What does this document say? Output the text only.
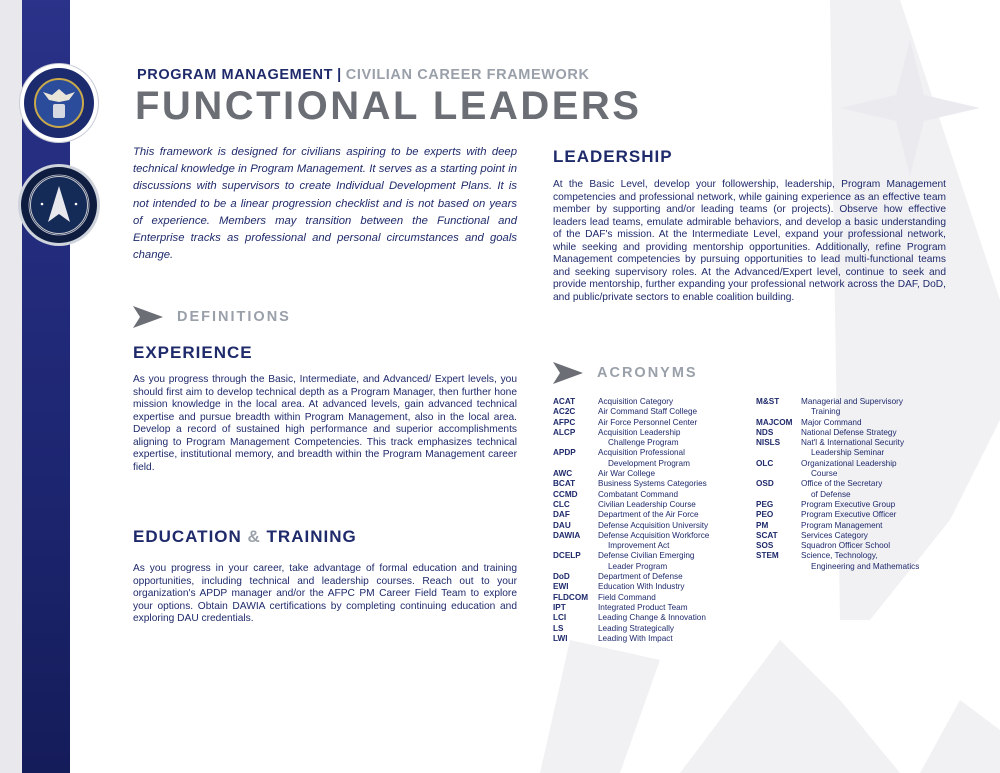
PROGRAM MANAGEMENT | CIVILIAN CAREER FRAMEWORK
FUNCTIONAL LEADERS
This framework is designed for civilians aspiring to be experts with deep technical knowledge in Program Management. It serves as a starting point in discussions with supervisors to create Individual Development Plans. It is not intended to be a linear progression checklist and is not based on years of experience. Members may transition between the Functional and Enterprise tracks as professional and personal circumstances and goals change.
DEFINITIONS
EXPERIENCE
As you progress through the Basic, Intermediate, and Advanced/ Expert levels, you should first aim to develop technical depth as a Program Manager, then further hone mission knowledge in the local area. At advanced levels, gain advanced technical expertise and pursue breadth within Program Management, also in the local area. Develop a record of sustained high performance and superior accomplishments aligning to Program Management Competencies. This track emphasizes technical expertise, institutional memory, and breadth within the Program Management career field.
EDUCATION & TRAINING
As you progress in your career, take advantage of formal education and training opportunities, including technical and leadership courses. Reach out to your organization's APDP manager and/or the AFPC PM Career Field Team to explore your options. Obtain DAWIA certifications by completing continuing education and exploring DAU credentials.
LEADERSHIP
At the Basic Level, develop your followership, leadership, Program Management competencies and professional network, while gaining experience as an effective team member by supporting and/or leading teams (or projects). Observe how effective leaders lead teams, emulate admirable behaviors, and develop a basic understanding of the DAF's mission. At the Intermediate Level, expand your professional network, while seeking and providing mentorship opportunities. Additionally, refine Program Management competencies by pursuing opportunities to lead multi-functional teams and seeking supervisory roles. At the Advanced/Expert level, continue to seek and provide mentorship, further expanding your professional network across the DAF, DoD, and public/private sectors to enable coalition building.
ACRONYMS
ACAT	Acquisition Category
AC2C	Air Command Staff College
AFPC	Air Force Personnel Center
ALCP	Acquisition Leadership
Challenge Program
APDP	Acquisition Professional
Development Program
AWC	Air War College
BCAT	Business Systems Categories
CCMD	Combatant Command
CLC	Civilian Leadership Course
DAF	Department of the Air Force
DAU	Defense Acquisition University
DAWIA	Defense Acquisition Workforce
Improvement Act
DCELP	Defense Civilian Emerging
Leader Program
DoD	Department of Defense
EWI	Education With Industry
FLDCOM	Field Command
IPT	Integrated Product Team
LCI	Leading Change & Innovation
LS	Leading Strategically
LWI	Leading With Impact
M&ST	Managerial and Supervisory
Training
MAJCOM	Major Command
NDS	National Defense Strategy
NISLS	Nat'l & International Security
Leadership Seminar
OLC	Organizational Leadership
Course
OSD	Office of the Secretary
of Defense
PEG	Program Executive Group
PEO	Program Executive Officer
PM	Program Management
SCAT	Services Category
SOS	Squadron Officer School
STEM	Science, Technology,
Engineering and Mathematics
